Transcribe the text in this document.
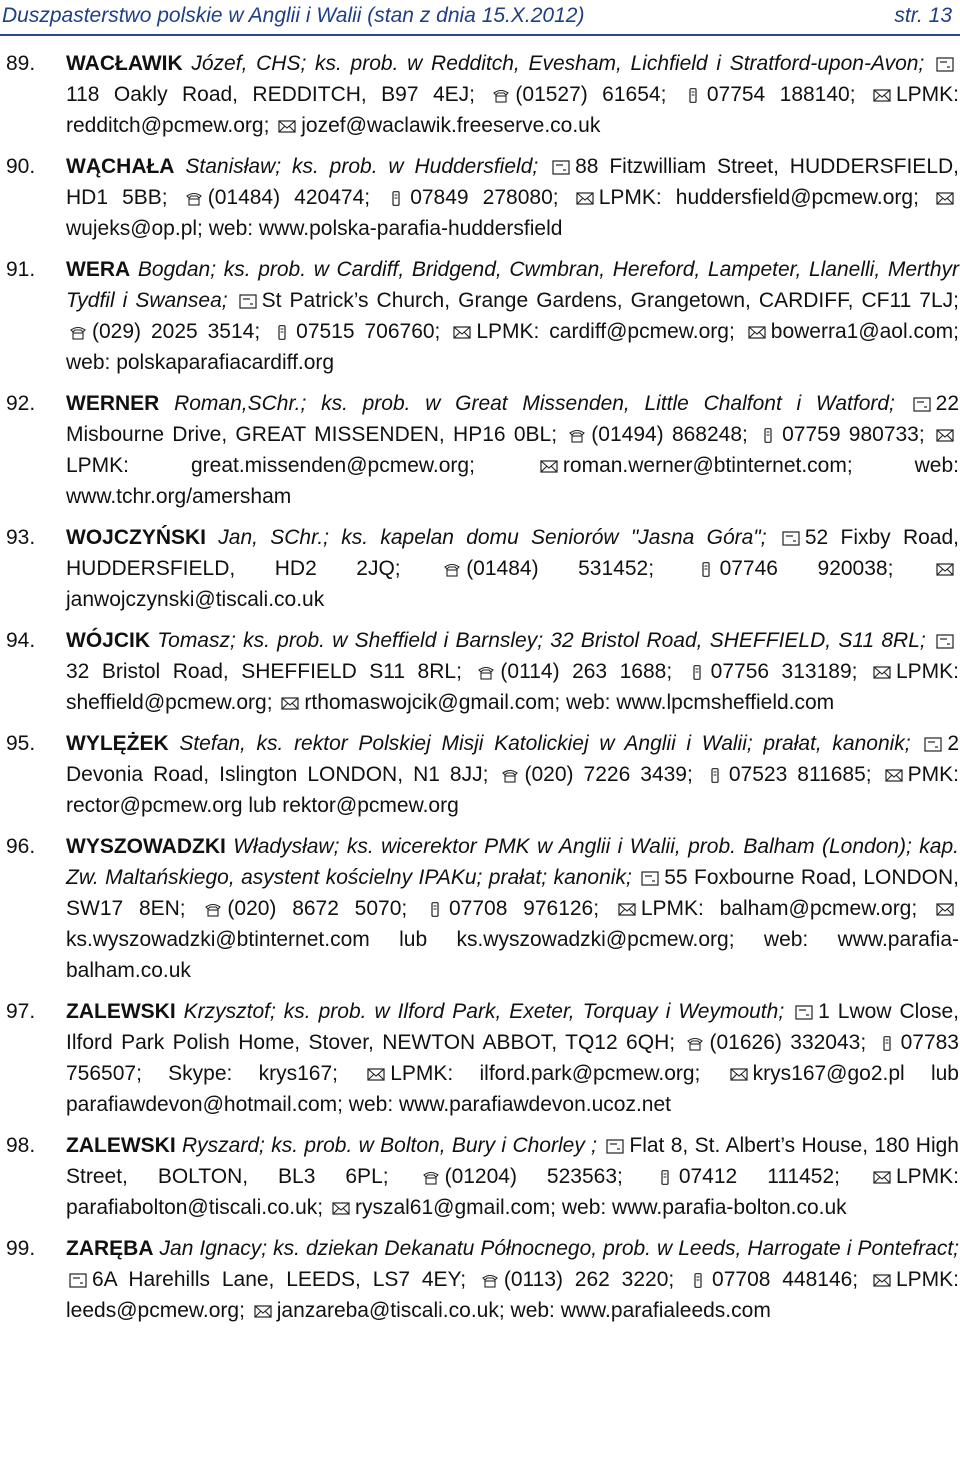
Duszpasterstwo polskie w Anglii i Walii (stan z dnia 15.X.2012)	str. 13
89. WACŁAWIK Józef, CHS; ks. prob. w Redditch, Evesham, Lichfield i Stratford-upon-Avon;
118 Oakly Road, REDDITCH, B97 4EJ; (01527) 61654; 07754 188140; LPMK: redditch@pcmew.org; jozef@waclawik.freeserve.co.uk
90. WĄCHAŁA Stanisław; ks. prob. w Huddersfield; 88 Fitzwilliam Street, HUDDERSFIELD, HD1 5BB; (01484) 420474; 07849 278080; LPMK: huddersfield@pcmew.org;
wujeks@op.pl; web: www.polska-parafia-huddersfield
91. WERA Bogdan; ks. prob. w Cardiff, Bridgend, Cwmbran, Hereford, Lampeter, Llanelli, Merthyr Tydfil i Swansea; St Patrick’s Church, Grange Gardens, Grangetown, CARDIFF, CF11 7LJ;
(029) 2025 3514; 07515 706760; LPMK: cardiff@pcmew.org; bowerra1@aol.com; web: polskaparafiacardiff.org
92. WERNER Roman,SChr.; ks. prob. w Great Missenden, Little Chalfont i Watford; 22 Misbourne Drive, GREAT MISSENDEN, HP16 0BL; (01494) 868248; 07759 980733;
LPMK: great.missenden@pcmew.org;	roman.werner@btinternet.com;	web: www.tchr.org/amersham
93. WOJCZYŃSKI Jan, SChr.; ks. kapelan domu Seniorów "Jasna Góra"; 52 Fixby Road, HUDDERSFIELD, HD2 2JQ;	(01484) 531452;	07746 920038;
janwojczynski@tiscali.co.uk
94. WÓJCIK Tomasz; ks. prob. w Sheffield i Barnsley; 32 Bristol Road, SHEFFIELD, S11 8RL;
32 Bristol Road, SHEFFIELD S11 8RL; (0114) 263 1688; 07756 313189; LPMK: sheffield@pcmew.org; rthomaswojcik@gmail.com; web: www.lpcmsheffield.com
95. WYLĘŻEK Stefan, ks. rektor Polskiej Misji Katolickiej w Anglii i Walii; prałat, kanonik; 2 Devonia Road, Islington LONDON, N1 8JJ; (020) 7226 3439; 07523 811685; PMK: rector@pcmew.org lub rektor@pcmew.org
96. WYSZOWADZKI Władysław; ks. wicerektor PMK w Anglii i Walii, prob. Balham (London); kap. Zw. Maltańskiego, asystent kościelny IPAKu; prałat; kanonik; 55 Foxbourne Road, LONDON, SW17 8EN; (020) 8672 5070; 07708 976126; LPMK: balham@pcmew.org;
ks.wyszowadzki@btinternet.com lub ks.wyszowadzki@pcmew.org; web: www.parafia-balham.co.uk
97. ZALEWSKI Krzysztof; ks. prob. w Ilford Park, Exeter, Torquay i Weymouth; 1 Lwow Close, Ilford Park Polish Home, Stover, NEWTON ABBOT, TQ12 6QH; (01626) 332043; 07783 756507; Skype: krys167; LPMK: ilford.park@pcmew.org; krys167@go2.pl lub parafiawdevon@hotmail.com; web: www.parafiawdevon.ucoz.net
98. ZALEWSKI Ryszard; ks. prob. w Bolton, Bury i Chorley ; Flat 8, St. Albert’s House, 180 High Street, BOLTON, BL3 6PL;	(01204) 523563;	07412 111452;	LPMK: parafiabolton@tiscali.co.uk; ryszal61@gmail.com; web: www.parafia-bolton.co.uk
99. ZARĘBA Jan Ignacy; ks. dziekan Dekanatu Północnego, prob. w Leeds, Harrogate i Pontefract;
6A Harehills Lane, LEEDS, LS7 4EY; (0113) 262 3220; 07708 448146; LPMK: leeds@pcmew.org; janzareba@tiscali.co.uk; web: www.parafialeeds.com
